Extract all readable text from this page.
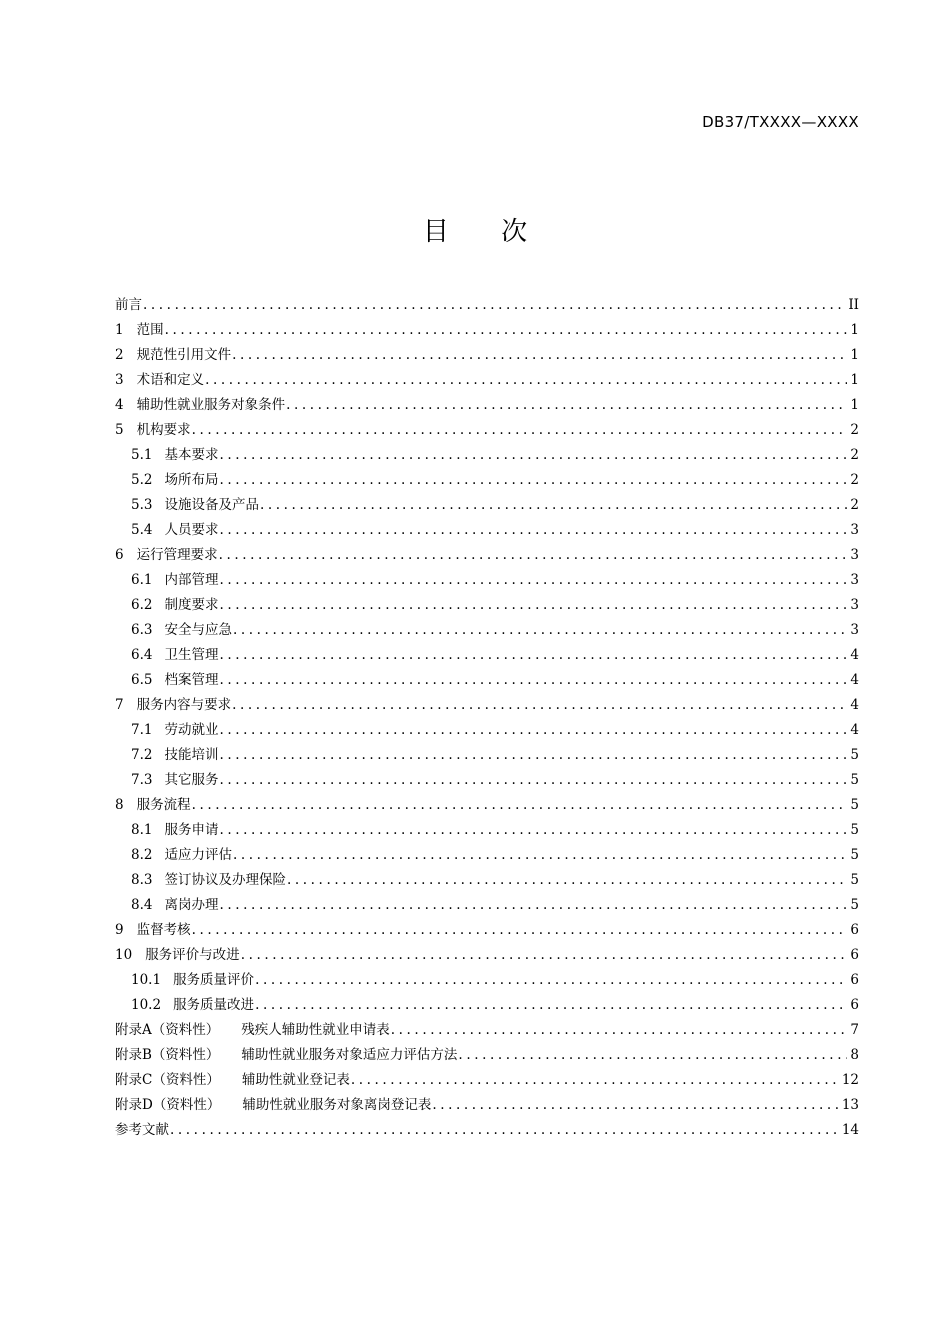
DB37/TXXXX—XXXX
目 次
前言 .....	II
1 范围 .....	1
2 规范性引用文件 .....	1
3 术语和定义 .....	1
4 辅助性就业服务对象条件 .....	1
5 机构要求 .....	2
5.1 基本要求 .....	2
5.2 场所布局 .....	2
5.3 设施设备及产品 .....	2
5.4 人员要求 .....	3
6 运行管理要求 .....	3
6.1 内部管理 .....	3
6.2 制度要求 .....	3
6.3 安全与应急 .....	3
6.4 卫生管理 .....	4
6.5 档案管理 .....	4
7 服务内容与要求 .....	4
7.1 劳动就业 .....	4
7.2 技能培训 .....	5
7.3 其它服务 .....	5
8 服务流程 .....	5
8.1 服务申请 .....	5
8.2 适应力评估 .....	5
8.3 签订协议及办理保险 .....	5
8.4 离岗办理 .....	5
9 监督考核 .....	6
10 服务评价与改进 .....	6
10.1 服务质量评价 .....	6
10.2 服务质量改进 .....	6
附录A（资料性） 残疾人辅助性就业申请表 .....	7
附录B（资料性） 辅助性就业服务对象适应力评估方法 .....	8
附录C（资料性） 辅助性就业登记表 .....	12
附录D（资料性） 辅助性就业服务对象离岗登记表 .....	13
参考文献 .....	14
